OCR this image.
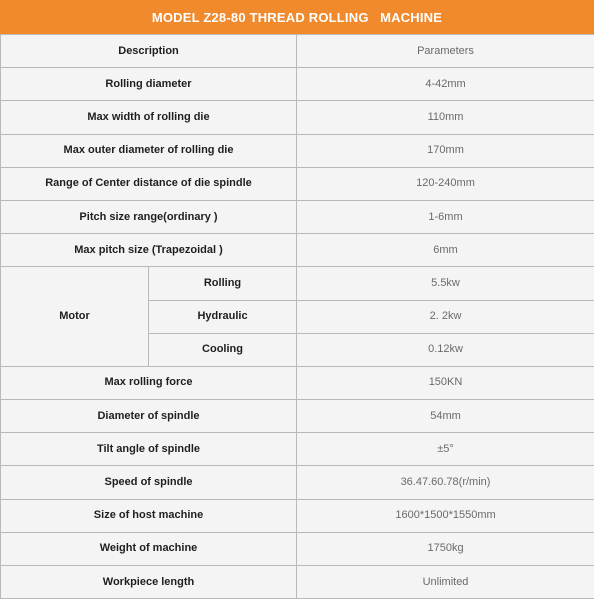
MODEL Z28-80 THREAD ROLLING   MACHINE
Description		Parameters
Rolling diameter		4-42mm
Max width of rolling die		110mm
Max outer diameter of rolling die		170mm
Range of Center distance of die spindle		120-240mm
Pitch size range(ordinary )		1-6mm
Max pitch size (Trapezoidal )		6mm
Motor	Rolling	5.5kw
	Hydraulic	2. 2kw
	Cooling	0.12kw
Max rolling force		150KN
Diameter of spindle		54mm
Tilt angle of spindle		±5°
Speed of spindle		36.47.60.78(r/min)
Size of host machine		1600*1500*1550mm
Weight of machine		1750kg
Workpiece length		Unlimited
